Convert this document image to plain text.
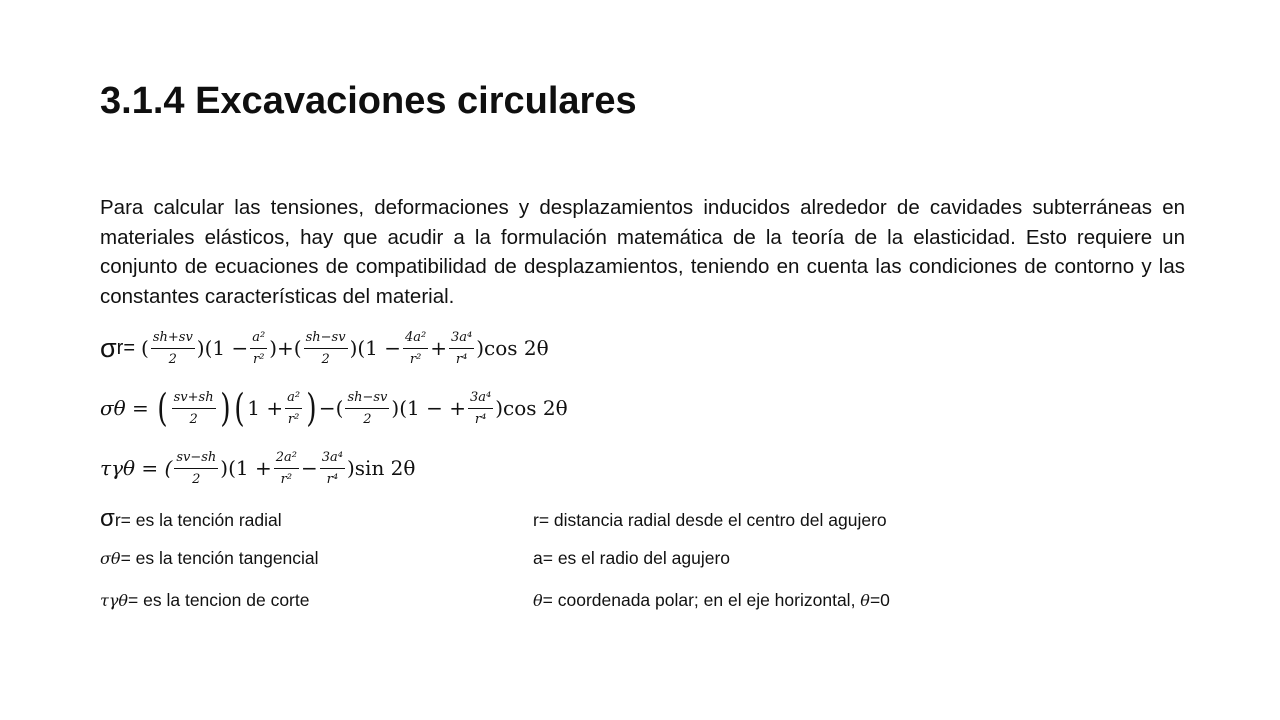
3.1.4 Excavaciones circulares
Para calcular las tensiones, deformaciones y desplazamientos inducidos alrededor de cavidades subterráneas en materiales elásticos, hay que acudir a la formulación matemática de la teoría de la elasticidad. Esto requiere un conjunto de ecuaciones de compatibilidad de desplazamientos, teniendo en cuenta las condiciones de contorno y las constantes características del material.
σ r = ( $\frac{sh+sv}{2}$ ) ($1 - \frac{\text{a²}}{\text{r²}}$ )+( $\frac{sh-sv}{2} )(1 - \frac{\text{4a²}}{\text{r²}} + \frac{\text{3a⁴}}{\text{r⁴}} )\cos$ 2θ
σθ = ( $\frac{sv+sh}{2}$ ) ( $1 + \frac{\text{a²}}{\text{r²}}$ ) −( $\frac{sh-sv}{2} )(1$ − + $\frac{\text{3a⁴}}{\text{r⁴}} )\cos$ 2θ
τγθ = ( $\frac{sv-sh}{2} )(1 + \frac{\text{2a²}}{\text{r²}} - \frac{\text{3a⁴}}{\text{r⁴}} )\sin$ 2θ
σr= es la tención radial	r= distancia radial desde el centro del agujero
σθ= es la tención tangencial	a= es el radio del agujero
τγθ= es la tencion de corte	θ= coordenada polar; en el eje horizontal, θ=0
